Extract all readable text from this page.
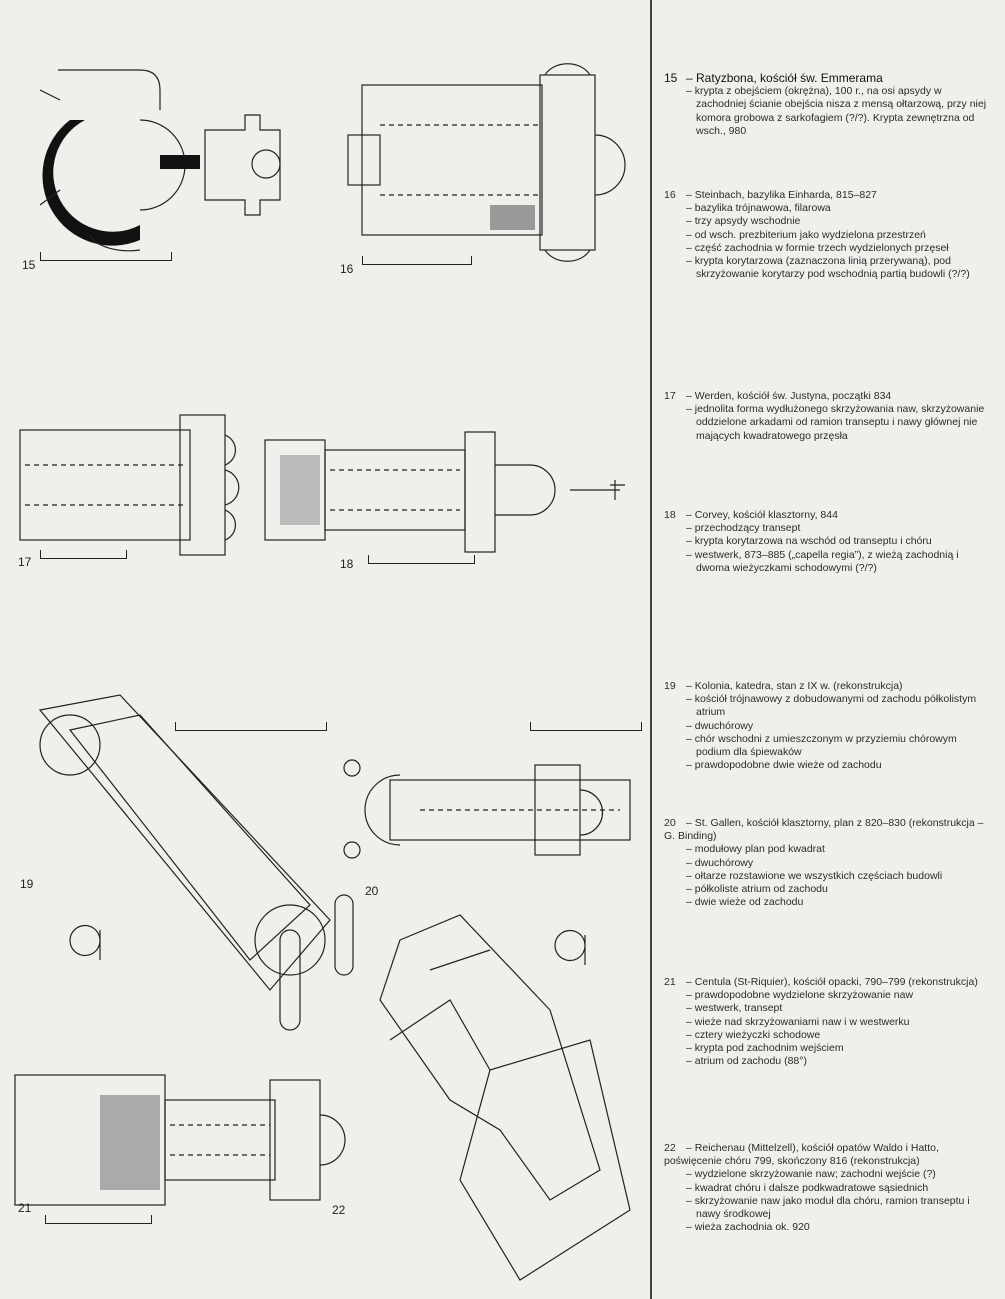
15	16
17	18
19	20
21	22
15 – Ratyzbona, kościół św. Emmerama
– krypta z obejściem (okrężna), 100 r., na osi apsydy w zachodniej ścianie obejścia nisza z mensą ołtarzową, przy niej komora grobowa z sarkofagiem (?/?). Krypta zewnętrzna od wsch., 980
16 – Steinbach, bazylika Einharda, 815–827
– bazylika trójnawowa, filarowa
– trzy apsydy wschodnie
– od wsch. prezbiterium jako wydzielona przestrzeń
– część zachodnia w formie trzech wydzielonych przęseł
– krypta korytarzowa (zaznaczona linią przerywaną), pod skrzyżowanie korytarzy pod wschodnią partią budowli (?/?)
17 – Werden, kościół św. Justyna, początki 834
– jednolita forma wydłużonego skrzyżowania naw, skrzyżowanie oddzielone arkadami od ramion transeptu i nawy głównej nie mających kwadratowego przęsła
18 – Corvey, kościół klasztorny, 844
– przechodzący transept
– krypta korytarzowa na wschód od transeptu i chóru
– westwerk, 873–885 („capella regia”), z wieżą zachodnią i dwoma wieżyczkami schodowymi (?/?)
19 – Kolonia, katedra, stan z IX w. (rekonstrukcja)
– kościół trójnawowy z dobudowanymi od zachodu półkolistym atrium
– dwuchórowy
– chór wschodni z umieszczonym w przyziemiu chórowym podium dla śpiewaków
– prawdopodobne dwie wieże od zachodu
20 – St. Gallen, kościół klasztorny, plan z 820–830 (rekonstrukcja – G. Binding)
– modułowy plan pod kwadrat
– dwuchórowy
– ołtarze rozstawione we wszystkich częściach budowli
– półkoliste atrium od zachodu
– dwie wieże od zachodu
21 – Centula (St-Riquier), kościół opacki, 790–799 (rekonstrukcja)
– prawdopodobne wydzielone skrzyżowanie naw
– westwerk, transept
– wieże nad skrzyżowaniami naw i w westwerku
– cztery wieżyczki schodowe
– krypta pod zachodnim wejściem
– atrium od zachodu (88°)
22 – Reichenau (Mittelzell), kościół opatów Waldo i Hatto, poświęcenie chóru 799, skończony 816 (rekonstrukcja)
– wydzielone skrzyżowanie naw; zachodni wejście (?)
– kwadrat chóru i dalsze podkwadratowe sąsiednich
– skrzyżowanie naw jako moduł dla chóru, ramion transeptu i nawy środkowej
– wieża zachodnia ok. 920
